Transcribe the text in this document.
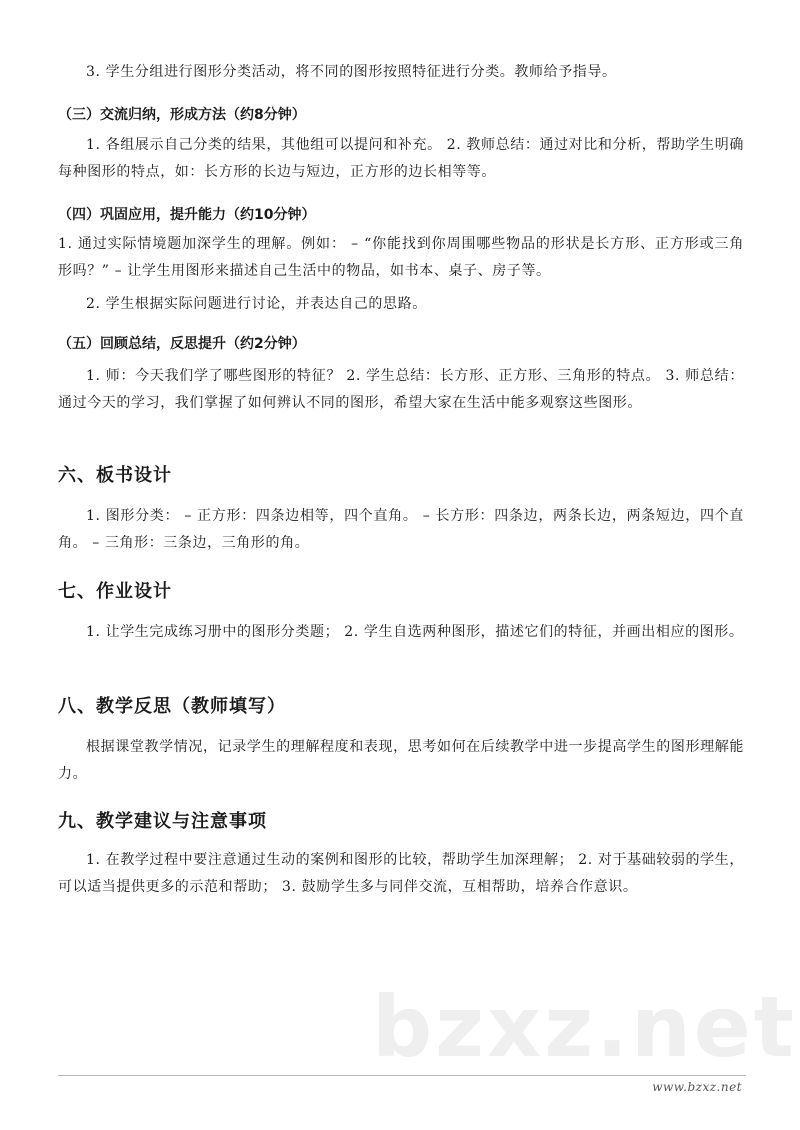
3. 学生分组进行图形分类活动，将不同的图形按照特征进行分类。教师给予指导。

（三）交流归纳，形成方法（约8分钟）

1. 各组展示自己分类的结果，其他组可以提问和补充。 2. 教师总结：通过对比和分析，帮助学生明确每种图形的特点，如：长方形的长边与短边，正方形的边长相等等。

（四）巩固应用，提升能力（约10分钟）

1. 通过实际情境题加深学生的理解。例如： – “你能找到你周围哪些物品的形状是长方形、正方形或三角形吗？” – 让学生用图形来描述自己生活中的物品，如书本、桌子、房子等。

2. 学生根据实际问题进行讨论，并表达自己的思路。

（五）回顾总结，反思提升（约2分钟）

1. 师：今天我们学了哪些图形的特征？ 2. 学生总结：长方形、正方形、三角形的特点。 3. 师总结：通过今天的学习，我们掌握了如何辨认不同的图形，希望大家在生活中能多观察这些图形。

六、板书设计

1. 图形分类： – 正方形：四条边相等，四个直角。 – 长方形：四条边，两条长边，两条短边，四个直角。 – 三角形：三条边，三角形的角。

七、作业设计

1. 让学生完成练习册中的图形分类题； 2. 学生自选两种图形，描述它们的特征，并画出相应的图形。

八、教学反思（教师填写）

根据课堂教学情况，记录学生的理解程度和表现，思考如何在后续教学中进一步提高学生的图形理解能力。

九、教学建议与注意事项

1. 在教学过程中要注意通过生动的案例和图形的比较，帮助学生加深理解； 2. 对于基础较弱的学生，可以适当提供更多的示范和帮助； 3. 鼓励学生多与同伴交流，互相帮助，培养合作意识。

bzxz.net
www.bzxz.net
